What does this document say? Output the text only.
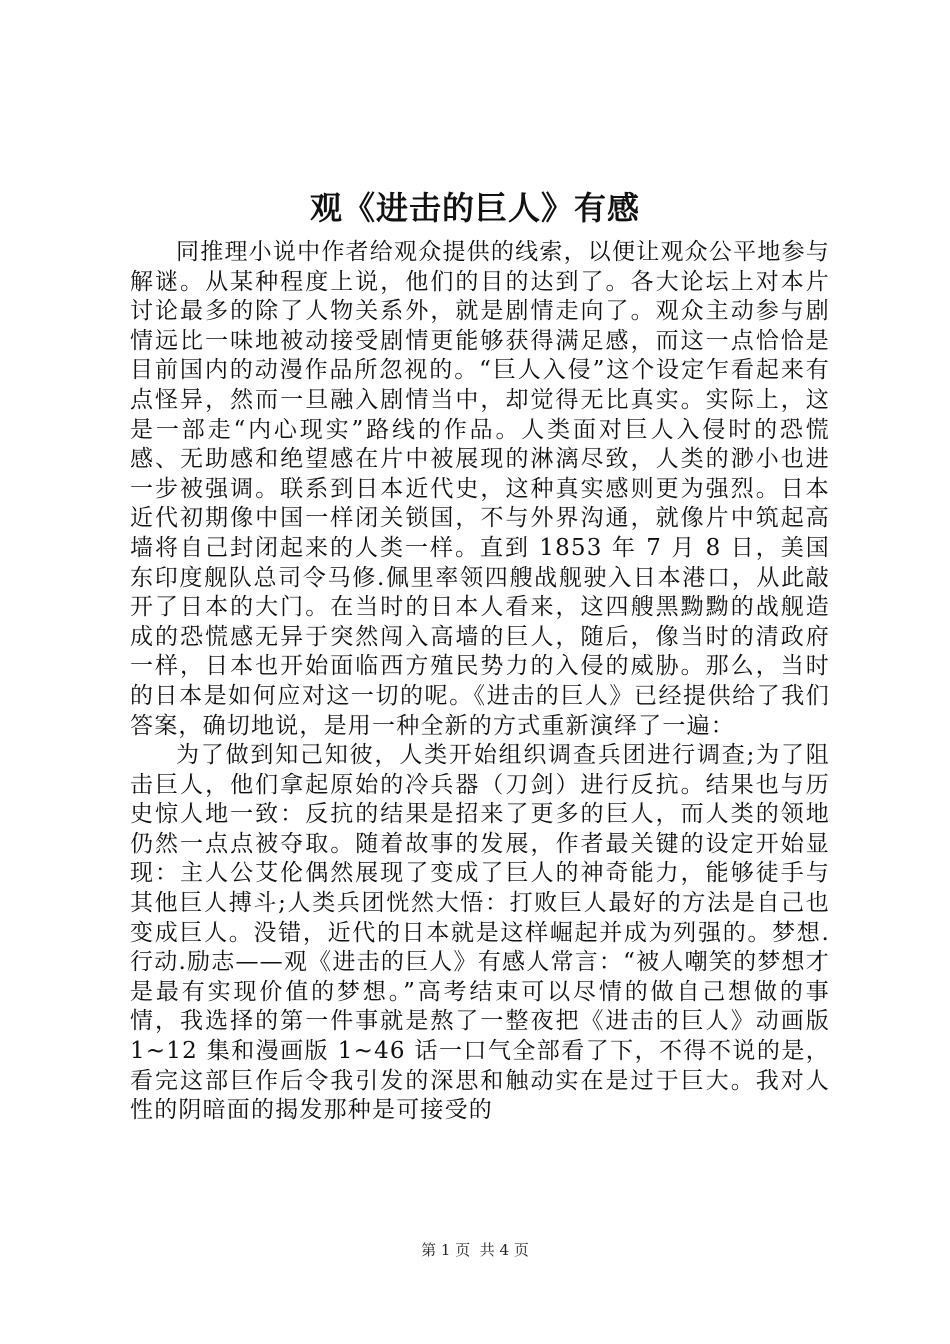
观《进击的巨人》有感

同推理小说中作者给观众提供的线索，以便让观众公平地参与解谜。从某种程度上说，他们的目的达到了。各大论坛上对本片讨论最多的除了人物关系外，就是剧情走向了。观众主动参与剧情远比一味地被动接受剧情更能够获得满足感，而这一点恰恰是目前国内的动漫作品所忽视的。“巨人入侵”这个设定乍看起来有点怪异，然而一旦融入剧情当中，却觉得无比真实。实际上，这是一部走“内心现实”路线的作品。人类面对巨人入侵时的恐慌感、无助感和绝望感在片中被展现的淋漓尽致，人类的渺小也进一步被强调。联系到日本近代史，这种真实感则更为强烈。日本近代初期像中国一样闭关锁国，不与外界沟通，就像片中筑起高墙将自己封闭起来的人类一样。直到 1853 年 7 月 8 日，美国东印度舰队总司令马修.佩里率领四艘战舰驶入日本港口，从此敲开了日本的大门。在当时的日本人看来，这四艘黑黝黝的战舰造成的恐慌感无异于突然闯入高墙的巨人，随后，像当时的清政府一样，日本也开始面临西方殖民势力的入侵的威胁。那么，当时的日本是如何应对这一切的呢。《进击的巨人》已经提供给了我们答案，确切地说，是用一种全新的方式重新演绎了一遍：

为了做到知己知彼，人类开始组织调查兵团进行调查;为了阻击巨人，他们拿起原始的冷兵器（刀剑）进行反抗。结果也与历史惊人地一致：反抗的结果是招来了更多的巨人，而人类的领地仍然一点点被夺取。随着故事的发展，作者最关键的设定开始显现：主人公艾伦偶然展现了变成了巨人的神奇能力，能够徒手与其他巨人搏斗;人类兵团恍然大悟：打败巨人最好的方法是自己也变成巨人。没错，近代的日本就是这样崛起并成为列强的。梦想.行动.励志——观《进击的巨人》有感人常言：“被人嘲笑的梦想才是最有实现价值的梦想。”高考结束可以尽情的做自己想做的事情，我选择的第一件事就是熬了一整夜把《进击的巨人》动画版 1~12 集和漫画版 1~46 话一口气全部看了下，不得不说的是，看完这部巨作后令我引发的深思和触动实在是过于巨大。我对人性的阴暗面的揭发那种是可接受的

第 1 页 共 4 页
